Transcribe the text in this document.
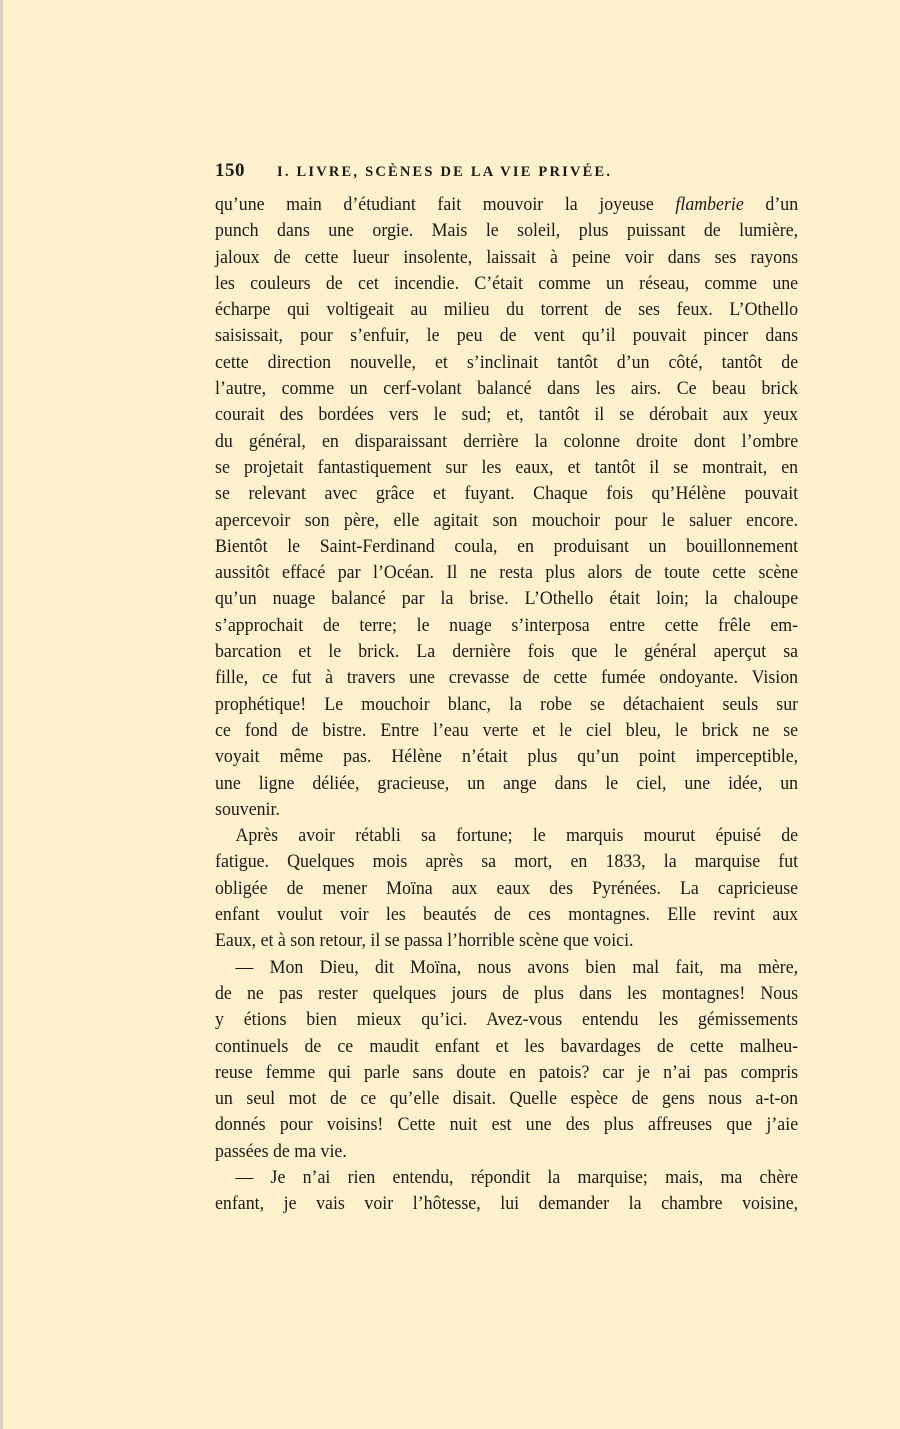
150	I. LIVRE, SCÈNES DE LA VIE PRIVÉE.
qu’une main d’étudiant fait mouvoir la joyeuse flamberie d’un
punch dans une orgie. Mais le soleil, plus puissant de lumière,
jaloux de cette lueur insolente, laissait à peine voir dans ses rayons
les couleurs de cet incendie. C’était comme un réseau, comme une
écharpe qui voltigeait au milieu du torrent de ses feux. L’Othello
saisissait, pour s’enfuir, le peu de vent qu’il pouvait pincer dans
cette direction nouvelle, et s’inclinait tantôt d’un côté, tantôt de
l’autre, comme un cerf-volant balancé dans les airs. Ce beau brick
courait des bordées vers le sud; et, tantôt il se dérobait aux yeux
du général, en disparaissant derrière la colonne droite dont l’ombre
se projetait fantastiquement sur les eaux, et tantôt il se montrait, en
se relevant avec grâce et fuyant. Chaque fois qu’Hélène pouvait
apercevoir son père, elle agitait son mouchoir pour le saluer encore.
Bientôt le Saint-Ferdinand coula, en produisant un bouillonnement
aussitôt effacé par l’Océan. Il ne resta plus alors de toute cette scène
qu’un nuage balancé par la brise. L’Othello était loin; la chaloupe
s’approchait de terre; le nuage s’interposa entre cette frêle em-
barcation et le brick. La dernière fois que le général aperçut sa
fille, ce fut à travers une crevasse de cette fumée ondoyante. Vision
prophétique! Le mouchoir blanc, la robe se détachaient seuls sur
ce fond de bistre. Entre l’eau verte et le ciel bleu, le brick ne se
voyait même pas. Hélène n’était plus qu’un point imperceptible,
une ligne déliée, gracieuse, un ange dans le ciel, une idée, un
souvenir.
Après avoir rétabli sa fortune; le marquis mourut épuisé de
fatigue. Quelques mois après sa mort, en 1833, la marquise fut
obligée de mener Moïna aux eaux des Pyrénées. La capricieuse
enfant voulut voir les beautés de ces montagnes. Elle revint aux
Eaux, et à son retour, il se passa l’horrible scène que voici.
— Mon Dieu, dit Moïna, nous avons bien mal fait, ma mère,
de ne pas rester quelques jours de plus dans les montagnes! Nous
y étions bien mieux qu’ici. Avez-vous entendu les gémissements
continuels de ce maudit enfant et les bavardages de cette malheu-
reuse femme qui parle sans doute en patois? car je n’ai pas compris
un seul mot de ce qu’elle disait. Quelle espèce de gens nous a-t-on
donnés pour voisins! Cette nuit est une des plus affreuses que j’aie
passées de ma vie.
— Je n’ai rien entendu, répondit la marquise; mais, ma chère
enfant, je vais voir l’hôtesse, lui demander la chambre voisine,
